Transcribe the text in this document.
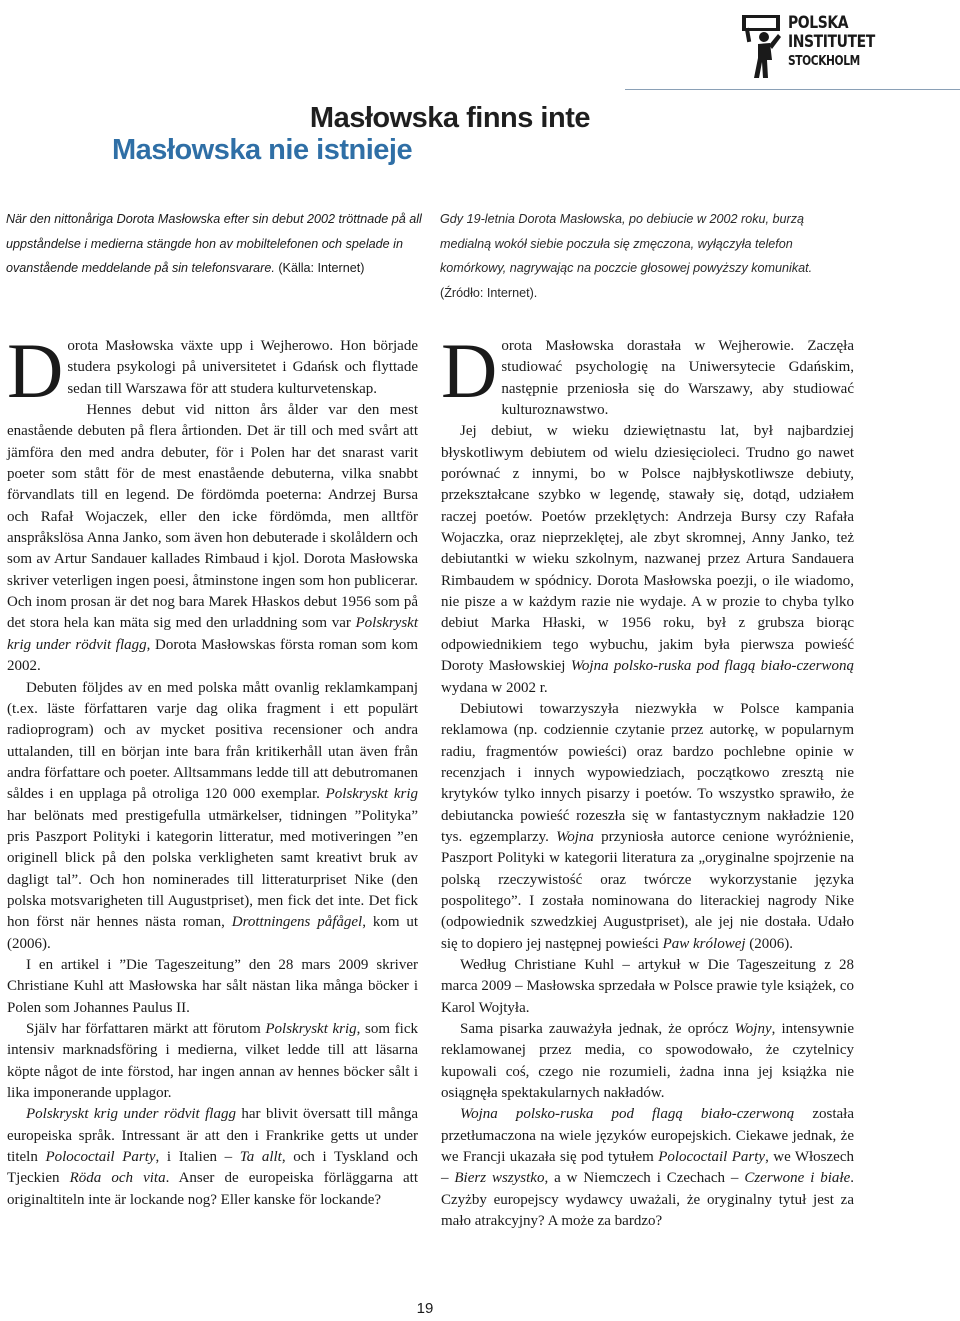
POLSKA
INSTITUTET
STOCKHOLM
Masłowska finns inte
Masłowska nie istnieje
När den nittonåriga Dorota Masłowska efter sin debut 2002 tröttnade på all uppståndelse i medierna stängde hon av mobiltelefonen och spelade in ovanstående meddelande på sin telefonsvarare. (Källa: Internet)
Gdy 19-letnia Dorota Masłowska, po debiucie w 2002 roku, burzą medialną wokół siebie poczuła się zmęczona, wyłączyła telefon komórkowy, nagrywając na poczcie głosowej powyższy komunikat.
(Źródło: Internet).

Dorota Masłowska växte upp i Wejherowo. Hon började studera psykologi på universitetet i Gdańsk och flyttade sedan till Warszawa för att studera kulturvetenskap.

Hennes debut vid nitton års ålder var den mest enastående debuten på flera årtionden. Det är till och med svårt att jämföra den med andra debuter, för i Polen har det snarast varit poeter som stått för de mest enastående debuterna, vilka snabbt förvandlats till en legend. De fördömda poeterna: Andrzej Bursa och Rafał Wojaczek, eller den icke fördömda, men alltför anspråkslösa Anna Janko, som även hon debuterade i skolåldern och som av Artur Sandauer kallades Rimbaud i kjol. Dorota Masłowska skriver veterligen ingen poesi, åtminstone ingen som hon publicerar. Och inom prosan är det nog bara Marek Hłaskos debut 1956 som på det stora hela kan mäta sig med den urladdning som var Polskryskt krig under rödvit flagg, Dorota Masłowskas första roman som kom 2002.

Debuten följdes av en med polska mått ovanlig reklamkampanj (t.ex. läste författaren varje dag olika fragment i ett populärt radioprogram) och av mycket positiva recensioner och andra uttalanden, till en början inte bara från kritikerhåll utan även från andra författare och poeter. Alltsammans ledde till att debutromanen såldes i en upplaga på otroliga 120 000 exemplar. Polskryskt krig har belönats med prestigefulla utmärkelser, tidningen ”Polityka” pris Paszport Polityki i kategorin litteratur, med motiveringen ”en originell blick på den polska verkligheten samt kreativt bruk av dagligt tal”. Och hon nominerades till litteraturpriset Nike (den polska motsvarigheten till Augustpriset), men fick det inte. Det fick hon först när hennes nästa roman, Drottningens påfågel, kom ut (2006).

I en artikel i ”Die Tageszeitung” den 28 mars 2009 skriver Christiane Kuhl att Masłowska har sålt nästan lika många böcker i Polen som Johannes Paulus II.

Själv har författaren märkt att förutom Polskryskt krig, som fick intensiv marknadsföring i medierna, vilket ledde till att läsarna köpte något de inte förstod, har ingen annan av hennes böcker sålt i lika imponerande upplagor.

Polskryskt krig under rödvit flagg har blivit översatt till många europeiska språk. Intressant är att den i Frankrike getts ut under titeln Polococtail Party, i Italien – Ta allt, och i Tyskland och Tjeckien Röda och vita. Anser de europeiska förläggarna att originaltiteln inte är lockande nog? Eller kanske för lockande?

Dorota Masłowska dorastała w Wejherowie. Zaczęła studiować psychologię na Uniwersytecie Gdańskim, następnie przeniosła się do Warszawy, aby studiować kulturoznawstwo.

Jej debiut, w wieku dziewiętnastu lat, był najbardziej błyskotliwym debiutem od wielu dziesięcioleci. Trudno go nawet porównać z innymi, bo w Polsce najbłyskotliwsze debiuty, przekształcane szybko w legendę, stawały się, dotąd, udziałem raczej poetów. Poetów przeklętych: Andrzeja Bursy czy Rafała Wojaczka, oraz nieprzeklętej, ale zbyt skromnej, Anny Janko, też debiutantki w wieku szkolnym, nazwanej przez Artura Sandauera Rimbaudem w spódnicy. Dorota Masłowska poezji, o ile wiadomo, nie pisze a w każdym razie nie wydaje. A w prozie to chyba tylko debiut Marka Hłaski, w 1956 roku, był z grubsza biorąc odpowiednikiem tego wybuchu, jakim była pierwsza powieść Doroty Masłowskiej Wojna polsko-ruska pod flagą biało-czerwoną wydana w 2002 r.

Debiutowi towarzyszyła niezwykła w Polsce kampania reklamowa (np. codziennie czytanie przez autorkę, w popularnym radiu, fragmentów powieści) oraz bardzo pochlebne opinie w recenzjach i innych wypowiedziach, początkowo zresztą nie krytyków tylko innych pisarzy i poetów. To wszystko sprawiło, że debiutancka powieść rozeszła się w fantastycznym nakładzie 120 tys. egzemplarzy. Wojna przyniosła autorce cenione wyróżnienie, Paszport Polityki w kategorii literatura za „oryginalne spojrzenie na polską rzeczywistość oraz twórcze wykorzystanie języka pospolitego”. I została nominowana do literackiej nagrody Nike (odpowiednik szwedzkiej Augustpriset), ale jej nie dostała. Udało się to dopiero jej następnej powieści Paw królowej (2006).

Według Christiane Kuhl – artykuł w Die Tageszeitung z 28 marca 2009 – Masłowska sprzedała w Polsce prawie tyle książek, co Karol Wojtyła.

Sama pisarka zauważyła jednak, że oprócz Wojny, intensywnie reklamowanej przez media, co spowodowało, że czytelnicy kupowali coś, czego nie rozumieli, żadna inna jej książka nie osiągnęła spektakularnych nakładów.

Wojna polsko-ruska pod flagą biało-czerwoną została przetłumaczona na wiele języków europejskich. Ciekawe jednak, że we Francji ukazała się pod tytułem Polococtail Party, we Włoszech – Bierz wszystko, a w Niemczech i Czechach – Czerwone i białe. Czyżby europejscy wydawcy uważali, że oryginalny tytuł jest za mało atrakcyjny? A może za bardzo?

19
